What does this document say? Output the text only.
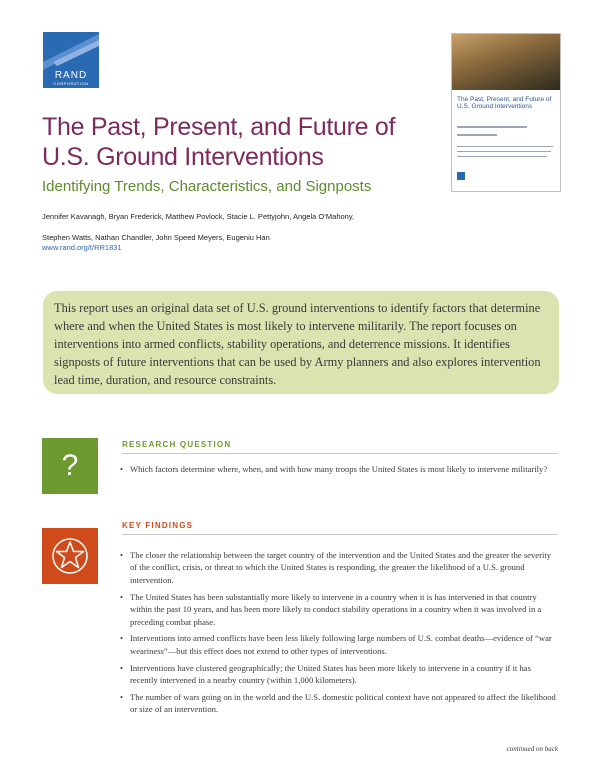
RAND
CORPORATION
The Past, Present, and Future of U.S. Ground Interventions
The Past, Present, and Future of U.S. Ground Interventions
Identifying Trends, Characteristics, and Signposts
Jennifer Kavanagh, Bryan Frederick, Matthew Povlock, Stacie L. Pettyjohn, Angela O’Mahony,
Stephen Watts, Nathan Chandler, John Speed Meyers, Eugeniu Han
www.rand.org/t/RR1831
This report uses an original data set of U.S. ground interventions to identify factors that determine where and when the United States is most likely to intervene militarily. The report focuses on interventions into armed conflicts, stability operations, and deterrence missions. It identifies signposts of future interventions that can be used by Army planners and also explores intervention lead time, duration, and resource constraints.
?
RESEARCH QUESTION
• Which factors determine where, when, and with how many troops the United States is most likely to intervene militarily?
KEY FINDINGS
• The closer the relationship between the target country of the intervention and the United States and the greater the severity of the conflict, crisis, or threat to which the United States is responding, the greater the likelihood of a U.S. ground intervention.
• The United States has been substantially more likely to intervene in a country when it is has intervened in that country within the past 10 years, and has been more likely to conduct stability operations in a country when it was involved in a preceding combat phase.
• Interventions into armed conflicts have been less likely following large numbers of U.S. combat deaths—evidence of “war weariness”—but this effect does not extend to other types of interventions.
• Interventions have clustered geographically; the United States has been more likely to intervene in a country if it has recently intervened in a nearby country (within 1,000 kilometers).
• The number of wars going on in the world and the U.S. domestic political context have not appeared to affect the likelihood or size of an intervention.
continued on back
